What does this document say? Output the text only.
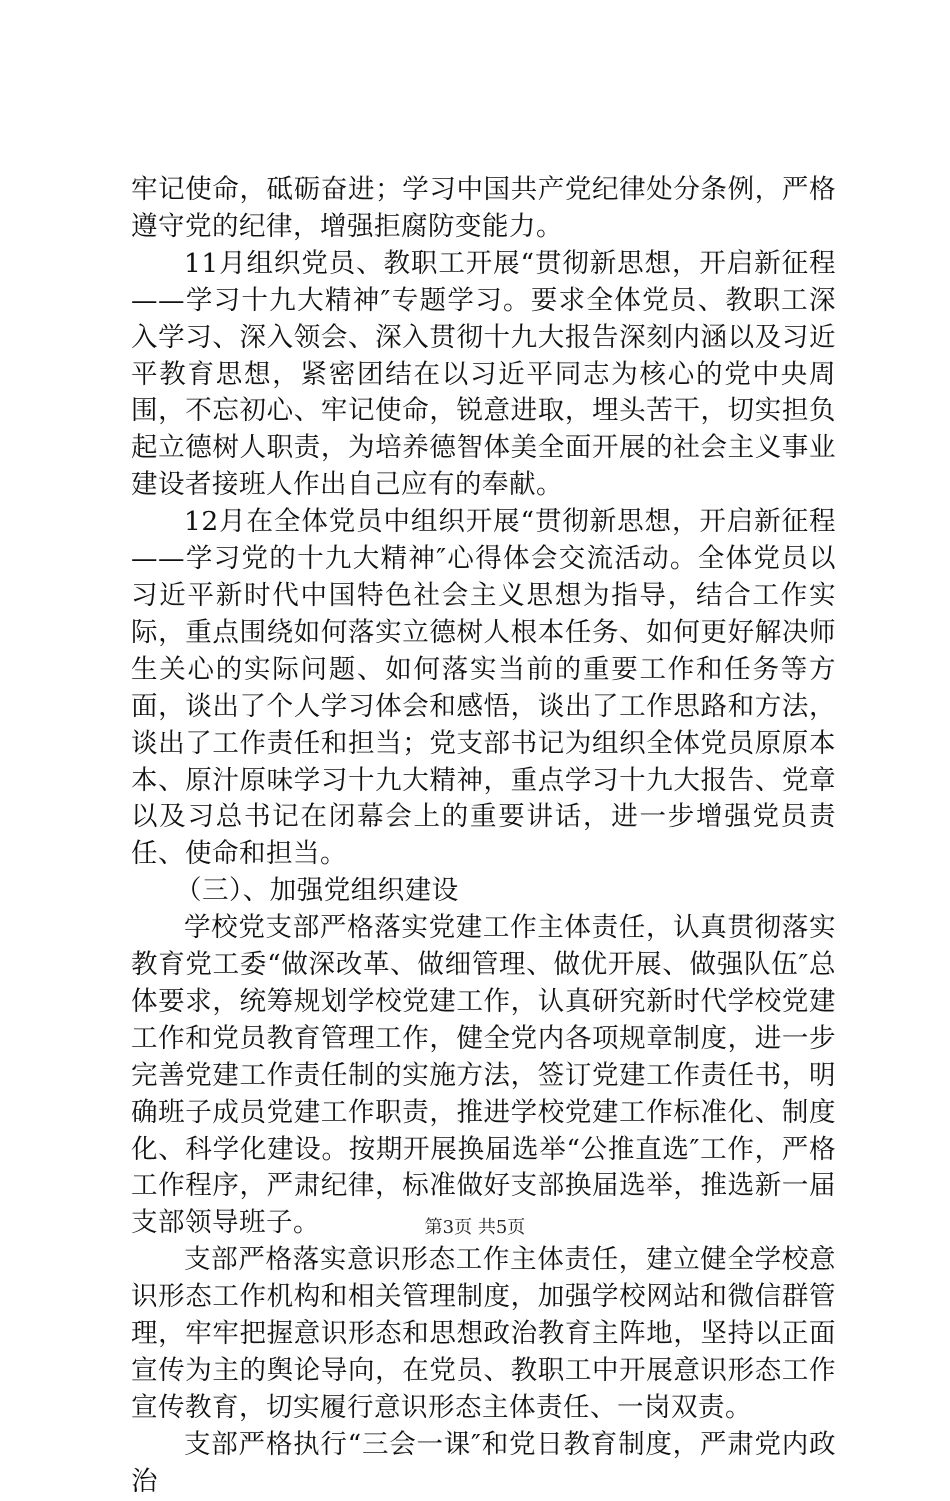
牢记使命，砥砺奋进；学习中国共产党纪律处分条例，严格遵守党的纪律，增强拒腐防变能力。

11月组织党员、教职工开展“贯彻新思想，开启新征程——学习十九大精神″专题学习。要求全体党员、教职工深入学习、深入领会、深入贯彻十九大报告深刻内涵以及习近平教育思想，紧密团结在以习近平同志为核心的党中央周围，不忘初心、牢记使命，锐意进取，埋头苦干，切实担负起立德树人职责，为培养德智体美全面开展的社会主义事业建设者接班人作出自己应有的奉献。

12月在全体党员中组织开展“贯彻新思想，开启新征程——学习党的十九大精神″心得体会交流活动。全体党员以习近平新时代中国特色社会主义思想为指导，结合工作实际，重点围绕如何落实立德树人根本任务、如何更好解决师生关心的实际问题、如何落实当前的重要工作和任务等方面，谈出了个人学习体会和感悟，谈出了工作思路和方法，谈出了工作责任和担当；党支部书记为组织全体党员原原本本、原汁原味学习十九大精神，重点学习十九大报告、党章以及习总书记在闭幕会上的重要讲话，进一步增强党员责任、使命和担当。

（三）、加强党组织建设

学校党支部严格落实党建工作主体责任，认真贯彻落实教育党工委“做深改革、做细管理、做优开展、做强队伍″总体要求，统筹规划学校党建工作，认真研究新时代学校党建工作和党员教育管理工作，健全党内各项规章制度，进一步完善党建工作责任制的实施方法，签订党建工作责任书，明确班子成员党建工作职责，推进学校党建工作标准化、制度化、科学化建设。按期开展换届选举“公推直选″工作，严格工作程序，严肃纪律，标准做好支部换届选举，推选新一届支部领导班子。

支部严格落实意识形态工作主体责任，建立健全学校意识形态工作机构和相关管理制度，加强学校网站和微信群管理，牢牢把握意识形态和思想政治教育主阵地，坚持以正面宣传为主的舆论导向，在党员、教职工中开展意识形态工作宣传教育，切实履行意识形态主体责任、一岗双责。

支部严格执行“三会一课″和党日教育制度，严肃党内政治

第3页 共5页
